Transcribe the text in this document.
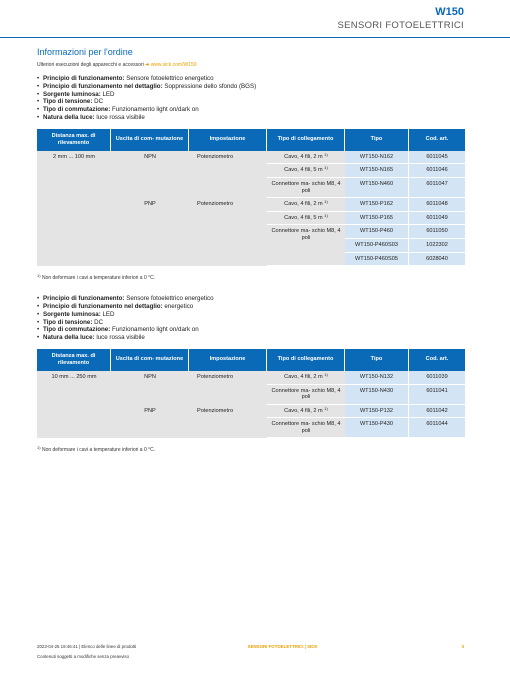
W150
SENSORI FOTOELETTRICI
Informazioni per l'ordine
Ulteriori esecuzioni degli apparecchi e accessori ➜ www.sick.com/W150
• Principio di funzionamento: Sensore fotoelettrico energetico
• Principio di funzionamento nel dettaglio: Soppressione dello sfondo (BGS)
• Sorgente luminosa: LED
• Tipo di tensione: DC
• Tipo di commutazione: Funzionamento light on/dark on
• Natura della luce: luce rossa visibile
Distanza max. di rilevamento	Uscita di com- mutazione	Impostazione	Tipo di collegamento	Tipo	Cod. art.
2 mm ... 100 mm	NPN	Potenziometro	Cavo, 4 fili, 2 m $^{1)}$	WT150-N162	6011045
			Cavo, 4 fili, 5 m $^{1)}$	WT150-N165	6011046
			Connettore ma- schio M8, 4 poli	WT150-N460	6011047
	PNP	Potenziometro	Cavo, 4 fili, 2 m $^{1)}$	WT150-P162	6011048
			Cavo, 4 fili, 5 m $^{1)}$	WT150-P165	6011049
			Connettore ma- schio M8, 4 poli	WT150-P460	6011050
				WT150-P460S03	1022302
				WT150-P460S05	6028040
$^{1)}$ Non deformare i cavi a temperature inferiori a 0 °C.
• Principio di funzionamento: Sensore fotoelettrico energetico
• Principio di funzionamento nel dettaglio: energetico
• Sorgente luminosa: LED
• Tipo di tensione: DC
• Tipo di commutazione: Funzionamento light on/dark on
• Natura della luce: luce rossa visibile
Distanza max. di rilevamento	Uscita di com- mutazione	Impostazione	Tipo di collegamento	Tipo	Cod. art.
10 mm ... 250 mm	NPN	Potenziometro	Cavo, 4 fili, 2 m $^{1)}$	WT150-N132	6011039
			Connettore ma- schio M8, 4 poli	WT150-N430	6011041
	PNP	Potenziometro	Cavo, 4 fili, 2 m $^{1)}$	WT150-P132	6011042
			Connettore ma- schio M8, 4 poli	WT150-P430	6011044
$^{1)}$ Non deformare i cavi a temperature inferiori a 0 °C.
2023-04-25 19:46:41 | Elenco delle linee di prodotti	SENSORI FOTOELETTRICI | SICK	3
Contenuti soggetti a modifiche senza preavviso
